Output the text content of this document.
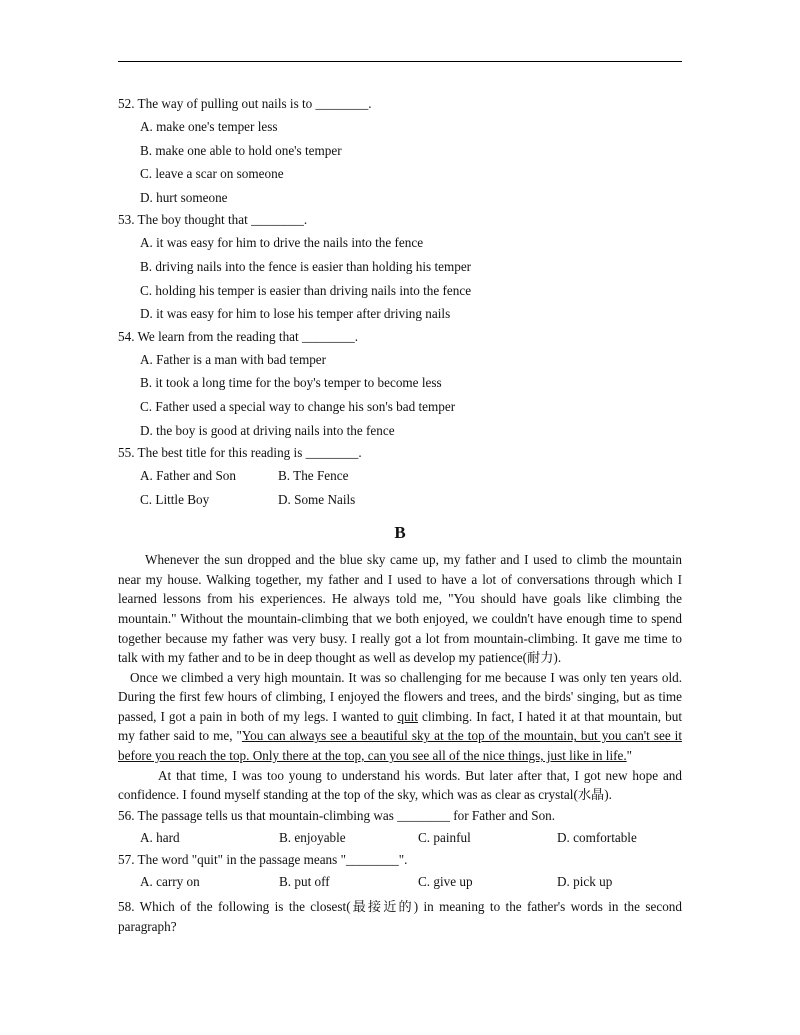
52. The way of pulling out nails is to ________.
A. make one's temper less
B. make one able to hold one's temper
C. leave a scar on someone
D. hurt someone
53. The boy thought that ________.
A. it was easy for him to drive the nails into the fence
B. driving nails into the fence is easier than holding his temper
C. holding his temper is easier than driving nails into the fence
D. it was easy for him to lose his temper after driving nails
54. We learn from the reading that ________.
A. Father is a man with bad temper
B. it took a long time for the boy's temper to become less
C. Father used a special way to change his son's bad temper
D. the boy is good at driving nails into the fence
55. The best title for this reading is ________.
A. Father and Son	B. The Fence
C. Little Boy	D. Some Nails
B

Whenever the sun dropped and the blue sky came up, my father and I used to climb the mountain near my house. Walking together, my father and I used to have a lot of conversations through which I learned lessons from his experiences. He always told me, "You should have goals like climbing the mountain." Without the mountain-climbing that we both enjoyed, we couldn't have enough time to spend together because my father was very busy. I really got a lot from mountain-climbing. It gave me time to talk with my father and to be in deep thought as well as develop my patience(耐力).

Once we climbed a very high mountain. It was so challenging for me because I was only ten years old. During the first few hours of climbing, I enjoyed the flowers and trees, and the birds' singing, but as time passed, I got a pain in both of my legs. I wanted to quit climbing. In fact, I hated it at that mountain, but my father said to me, "You can always see a beautiful sky at the top of the mountain, but you can't see it before you reach the top. Only there at the top, can you see all of the nice things, just like in life."

At that time, I was too young to understand his words. But later after that, I got new hope and confidence. I found myself standing at the top of the sky, which was as clear as crystal(水晶).

56. The passage tells us that mountain-climbing was ________ for Father and Son.
A. hard	B. enjoyable	C. painful	D. comfortable
57. The word "quit" in the passage means "________".
A. carry on	B. put off	C. give up	D. pick up
58. Which of the following is the closest(最接近的) in meaning to the father's words in the second paragraph?
